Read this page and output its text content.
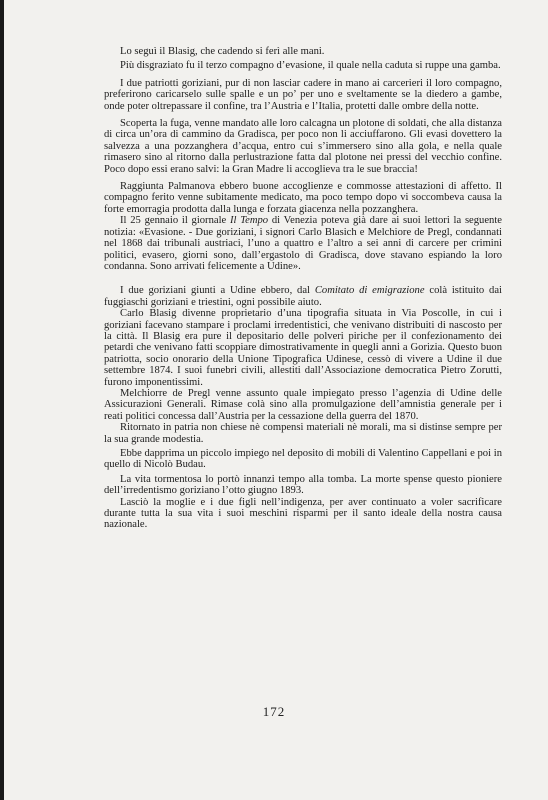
Lo seguì il Blasig, che cadendo si ferì alle mani.

Più disgraziato fu il terzo compagno d’evasione, il quale nella caduta si ruppe una gamba.

I due patriotti goriziani, pur di non lasciar cadere in mano ai carcerieri il loro compagno, preferirono caricarselo sulle spalle e un po’ per uno e sveltamente se la diedero a gambe, onde poter oltrepassare il confine, tra l’Austria e l’Italia, protetti dalle ombre della notte.

Scoperta la fuga, venne mandato alle loro calcagna un plotone di soldati, che alla distanza di circa un’ora di cammino da Gradisca, per poco non li acciuffarono. Gli evasi dovettero la salvezza a una pozzanghera d’acqua, entro cui s’immersero sino alla gola, e nella quale rimasero sino al ritorno dalla perlustrazione fatta dal plotone nei pressi del vecchio confine. Poco dopo essi erano salvi: la Gran Madre li accoglieva tra le sue braccia!

Raggiunta Palmanova ebbero buone accoglienze e commosse attestazioni di affetto. Il compagno ferito venne subitamente medicato, ma poco tempo dopo vi soccombeva causa la forte emorragia prodotta dalla lunga e forzata giacenza nella pozzanghera.

Il 25 gennaio il giornale Il Tempo di Venezia poteva già dare ai suoi lettori la seguente notizia: «Evasione. - Due goriziani, i signori Carlo Blasich e Melchiore de Pregl, condannati nel 1868 dai tribunali austriaci, l’uno a quattro e l’altro a sei anni di carcere per crimini politici, evasero, giorni sono, dall’ergastolo di Gradisca, dove stavano espiando la loro condanna. Sono arrivati felicemente a Udine».

I due goriziani giunti a Udine ebbero, dal Comitato di emigrazione colà istituito dai fuggiaschi goriziani e triestini, ogni possibile aiuto.

Carlo Blasig divenne proprietario d’una tipografia situata in Via Poscolle, in cui i goriziani facevano stampare i proclami irredentistici, che venivano distribuiti di nascosto per la città. Il Blasig era pure il depositario delle polveri piriche per il confezionamento dei petardi che venivano fatti scoppiare dimostrativamente in quegli anni a Gorizia. Questo buon patriotta, socio onorario della Unione Tipografica Udinese, cessò di vivere a Udine il due settembre 1874. I suoi funebri civili, allestiti dall’Associazione democratica Pietro Zorutti, furono imponentissimi.

Melchiorre de Pregl venne assunto quale impiegato presso l’agenzia di Udine delle Assicurazioni Generali. Rimase colà sino alla promulgazione dell’amnistia generale per i reati politici concessa dall’Austria per la cessazione della guerra del 1870.

Ritornato in patria non chiese nè compensi materiali nè morali, ma si distinse sempre per la sua grande modestia.

Ebbe dapprima un piccolo impiego nel deposito di mobili di Valentino Cappellani e poi in quello di Nicolò Budau.

La vita tormentosa lo portò innanzi tempo alla tomba. La morte spense questo pioniere dell’irredentismo goriziano l’otto giugno 1893.

Lasciò la moglie e i due figli nell’indigenza, per aver continuato a voler sacrificare durante tutta la sua vita i suoi meschini risparmi per il santo ideale della nostra causa nazionale.

172
